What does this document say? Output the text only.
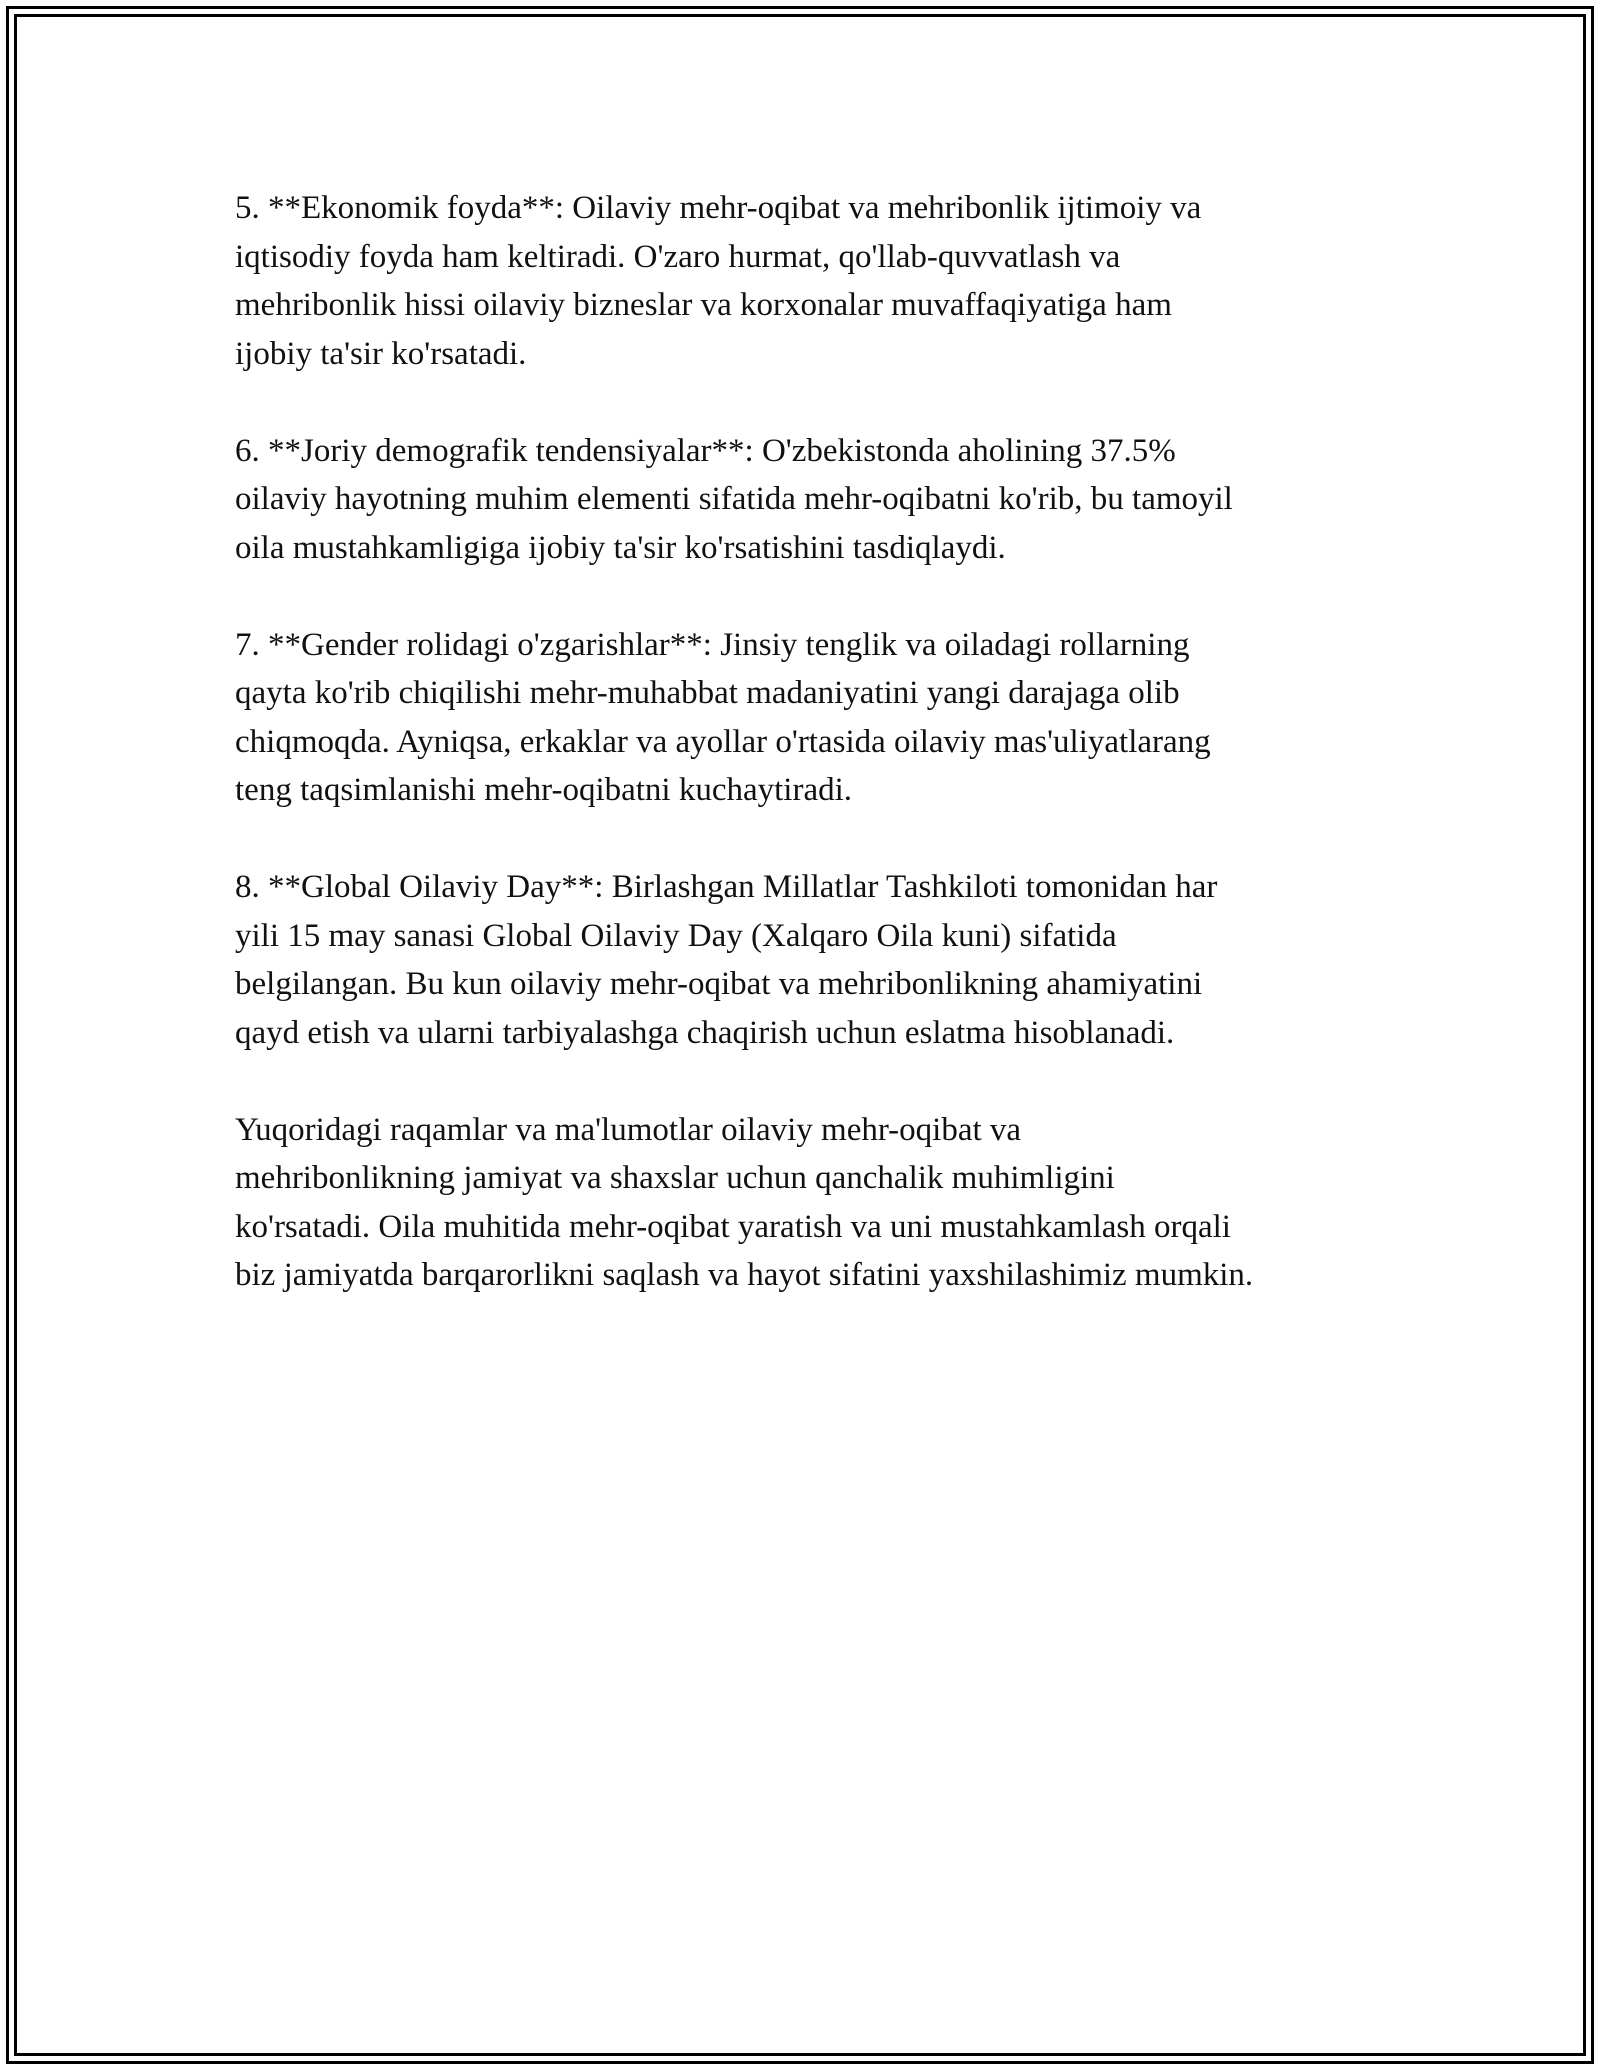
5. **Ekonomik foyda**: Oilaviy mehr-oqibat va mehribonlik ijtimoiy va
iqtisodiy foyda ham keltiradi. O'zaro hurmat, qo'llab-quvvatlash va
mehribonlik hissi oilaviy bizneslar va korxonalar muvaffaqiyatiga ham
ijobiy ta'sir ko'rsatadi.

6. **Joriy demografik tendensiyalar**: O'zbekistonda aholining 37.5%
oilaviy hayotning muhim elementi sifatida mehr-oqibatni ko'rib, bu tamoyil
oila mustahkamligiga ijobiy ta'sir ko'rsatishini tasdiqlaydi.

7. **Gender rolidagi o'zgarishlar**: Jinsiy tenglik va oiladagi rollarning
qayta ko'rib chiqilishi mehr-muhabbat madaniyatini yangi darajaga olib
chiqmoqda. Ayniqsa, erkaklar va ayollar o'rtasida oilaviy mas'uliyatlarang
teng taqsimlanishi mehr-oqibatni kuchaytiradi.

8. **Global Oilaviy Day**: Birlashgan Millatlar Tashkiloti tomonidan har
yili 15 may sanasi Global Oilaviy Day (Xalqaro Oila kuni) sifatida
belgilangan. Bu kun oilaviy mehr-oqibat va mehribonlikning ahamiyatini
qayd etish va ularni tarbiyalashga chaqirish uchun eslatma hisoblanadi.

Yuqoridagi raqamlar va ma'lumotlar oilaviy mehr-oqibat va
mehribonlikning jamiyat va shaxslar uchun qanchalik muhimligini
ko'rsatadi. Oila muhitida mehr-oqibat yaratish va uni mustahkamlash orqali
biz jamiyatda barqarorlikni saqlash va hayot sifatini yaxshilashimiz mumkin.
